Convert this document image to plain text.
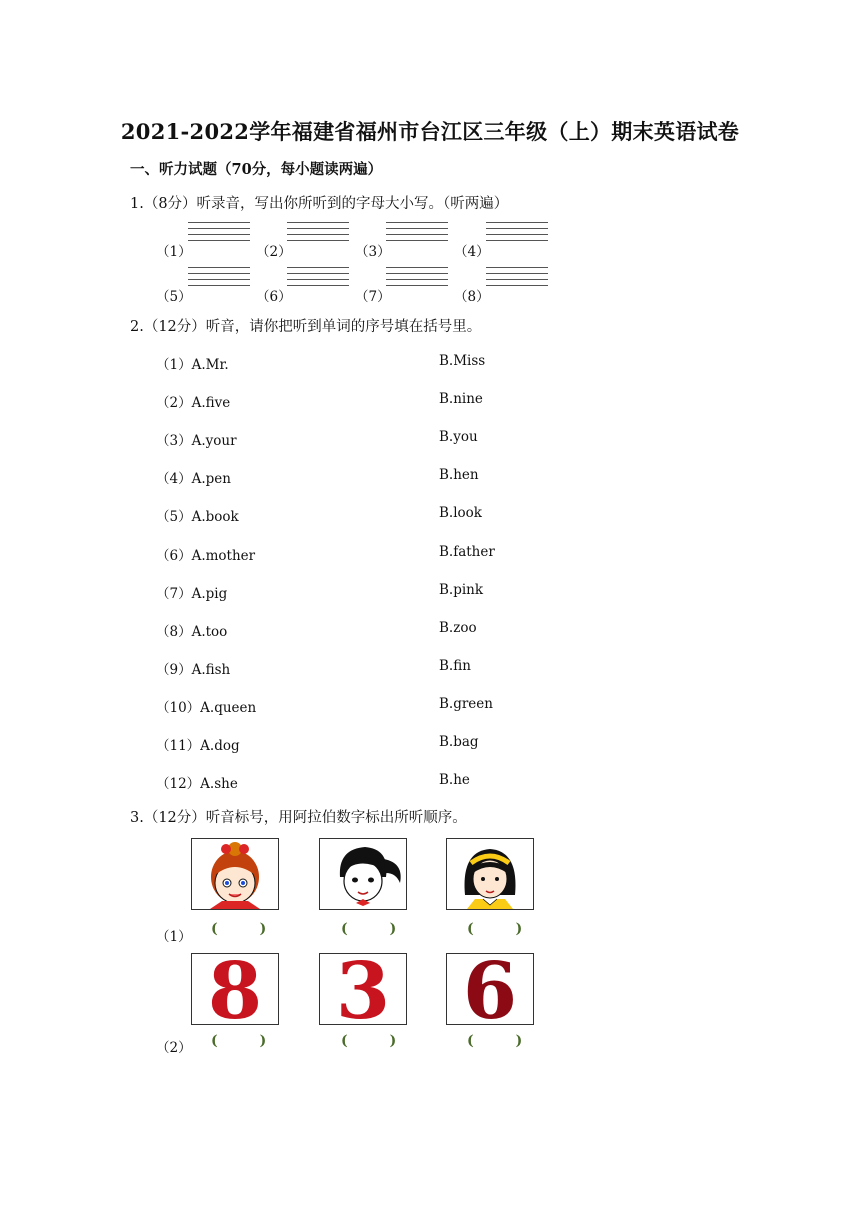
2021-2022学年福建省福州市台江区三年级（上）期末英语试卷
一、听力试题（70分，每小题读两遍）
1.（8分）听录音，写出你所听到的字母大小写。（听两遍）
（1）	（2）	（3）	（4）
（5）	（6）	（7）	（8）
2.（12分）听音，请你把听到单词的序号填在括号里。
（1）A.Mr.	B.Miss
（2）A.five	B.nine
（3）A.your	B.you
（4）A.pen	B.hen
（5）A.book	B.look
（6）A.mother	B.father
（7）A.pig	B.pink
（8）A.too	B.zoo
（9）A.fish	B.fin
（10）A.queen	B.green
（11）A.dog	B.bag
（12）A.she	B.he
3.（12分）听音标号，用阿拉伯数字标出所听顺序。
(　)	(　)	(　)
（1）
8 3 6
(　)	(　)	(　)
（2）
